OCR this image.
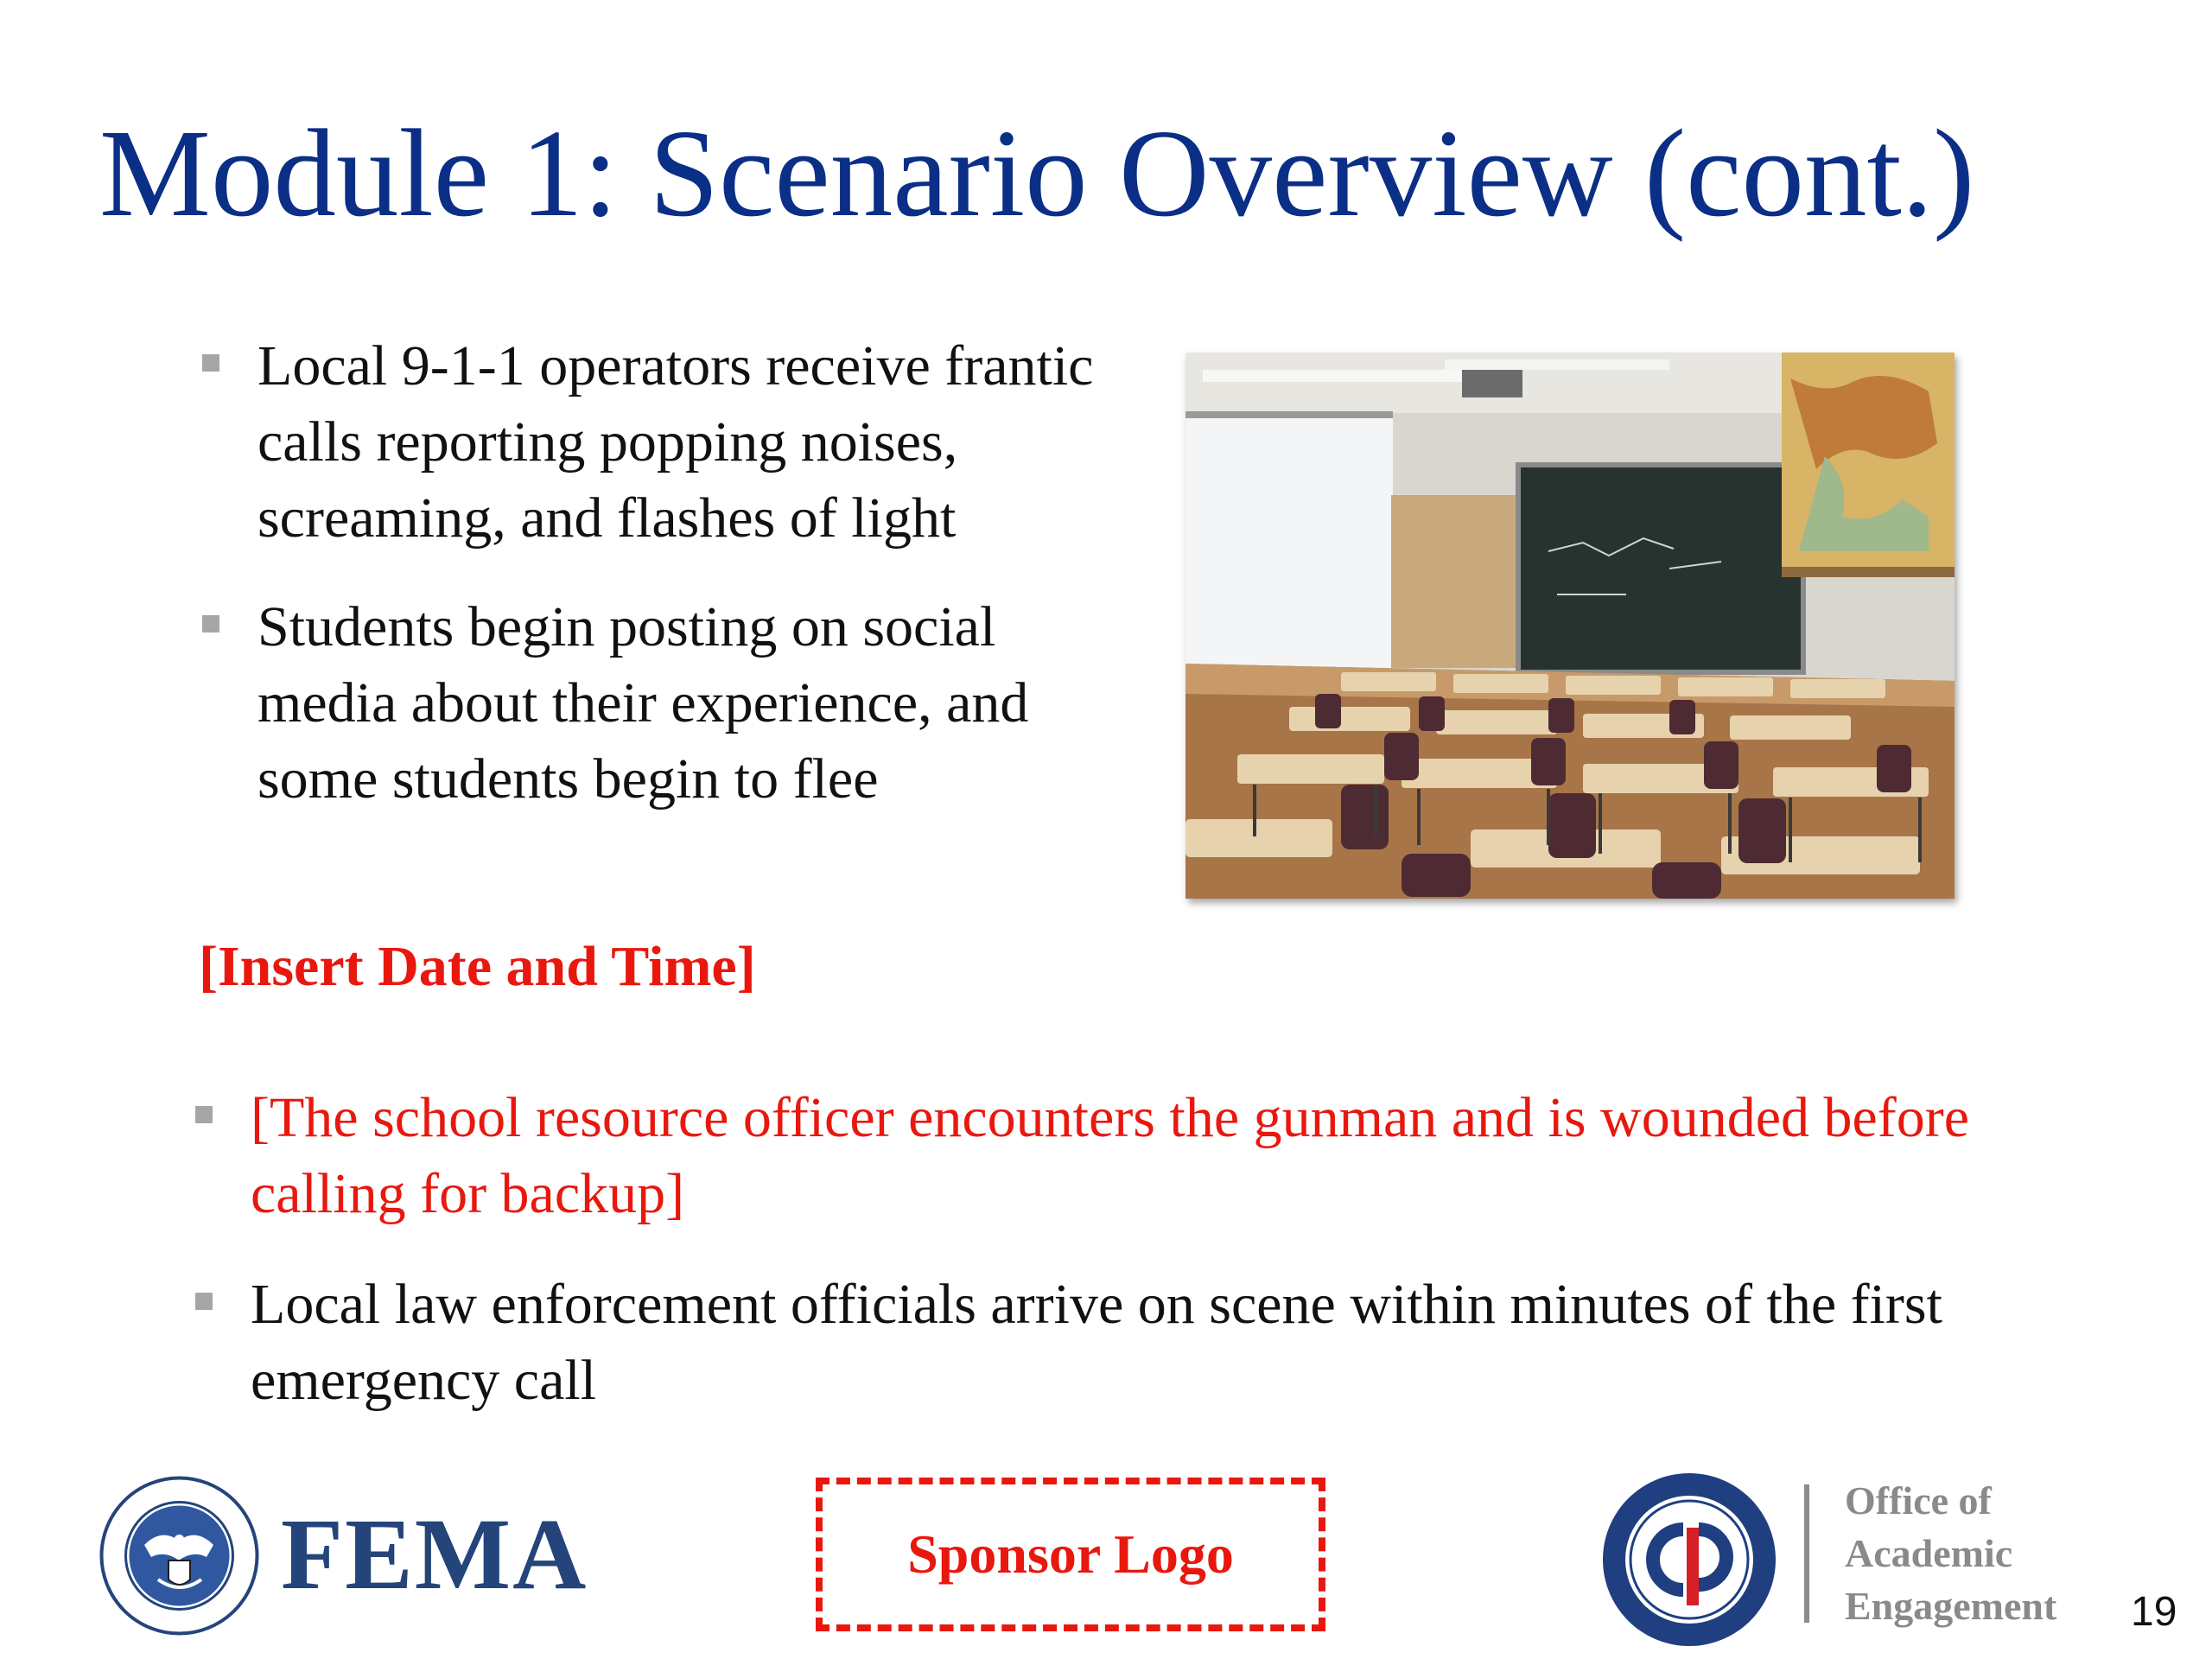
Module 1: Scenario Overview (cont.)
Local 9-1-1 operators receive frantic calls reporting popping noises, screaming, and flashes of light
Students begin posting on social media about their experience, and some students begin to flee
[Insert Date and Time]
[The school resource officer encounters the gunman and is wounded before calling for backup]
Local law enforcement officials arrive on scene within minutes of the first emergency call
FEMA	Sponsor Logo
Office of
Academic
Engagement 19
